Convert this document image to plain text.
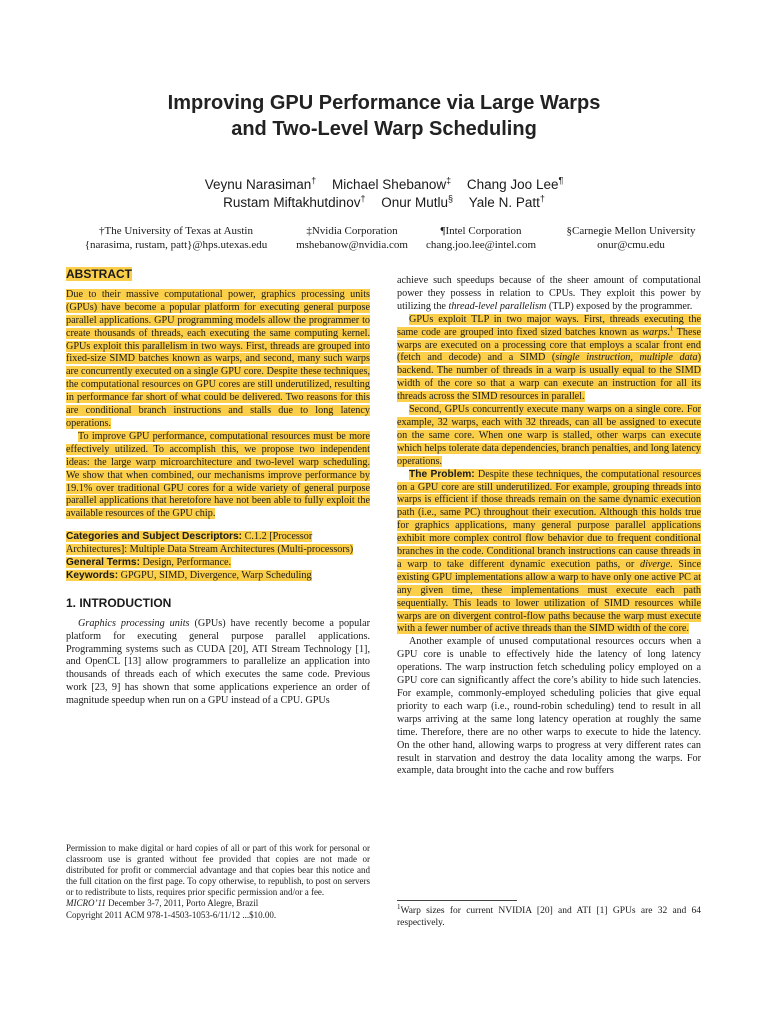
Improving GPU Performance via Large Warps
and Two-Level Warp Scheduling
Veynu Narasiman† Michael Shebanow‡ Chang Joo Lee¶
Rustam Miftakhutdinov† Onur Mutlu§ Yale N. Patt†
†The University of Texas at Austin
{narasima, rustam, patt}@hps.utexas.edu
‡Nvidia Corporation
mshebanow@nvidia.com
¶Intel Corporation
chang.joo.lee@intel.com
§Carnegie Mellon University
onur@cmu.edu
ABSTRACT

Due to their massive computational power, graphics processing units (GPUs) have become a popular platform for executing general purpose parallel applications. GPU programming models allow the programmer to create thousands of threads, each executing the same computing kernel. GPUs exploit this parallelism in two ways. First, threads are grouped into fixed-size SIMD batches known as warps, and second, many such warps are concurrently executed on a single GPU core. Despite these techniques, the computational resources on GPU cores are still underutilized, resulting in performance far short of what could be delivered. Two reasons for this are conditional branch instructions and stalls due to long latency operations.

To improve GPU performance, computational resources must be more effectively utilized. To accomplish this, we propose two independent ideas: the large warp microarchitecture and two-level warp scheduling. We show that when combined, our mechanisms improve performance by 19.1% over traditional GPU cores for a wide variety of general purpose parallel applications that heretofore have not been able to fully exploit the available resources of the GPU chip.

Categories and Subject Descriptors: C.1.2 [Processor Architectures]: Multiple Data Stream Architectures (Multi-processors)

General Terms: Design, Performance.

Keywords: GPGPU, SIMD, Divergence, Warp Scheduling

1. INTRODUCTION

Graphics processing units (GPUs) have recently become a popular platform for executing general purpose parallel applications. Programming systems such as CUDA [20], ATI Stream Technology [1], and OpenCL [13] allow programmers to parallelize an application into thousands of threads each of which executes the same code. Previous work [23, 9] has shown that some applications experience an order of magnitude speedup when run on a GPU instead of a CPU. GPUs

Permission to make digital or hard copies of all or part of this work for personal or classroom use is granted without fee provided that copies are not made or distributed for profit or commercial advantage and that copies bear this notice and the full citation on the first page. To copy otherwise, to republish, to post on servers or to redistribute to lists, requires prior specific permission and/or a fee.

MICRO’11 December 3-7, 2011, Porto Alegre, Brazil

Copyright 2011 ACM 978-1-4503-1053-6/11/12 ...$10.00.

achieve such speedups because of the sheer amount of computational power they possess in relation to CPUs. They exploit this power by utilizing the thread-level parallelism (TLP) exposed by the programmer.

GPUs exploit TLP in two major ways. First, threads executing the same code are grouped into fixed sized batches known as warps.$^1$ These warps are executed on a processing core that employs a scalar front end (fetch and decode) and a SIMD (single instruction, multiple data) backend. The number of threads in a warp is usually equal to the SIMD width of the core so that a warp can execute an instruction for all its threads across the SIMD resources in parallel.

Second, GPUs concurrently execute many warps on a single core. For example, 32 warps, each with 32 threads, can all be assigned to execute on the same core. When one warp is stalled, other warps can execute which helps tolerate data dependencies, branch penalties, and long latency operations.

The Problem: Despite these techniques, the computational resources on a GPU core are still underutilized. For example, grouping threads into warps is efficient if those threads remain on the same dynamic execution path (i.e., same PC) throughout their execution. Although this holds true for graphics applications, many general purpose parallel applications exhibit more complex control flow behavior due to frequent conditional branches in the code. Conditional branch instructions can cause threads in a warp to take different dynamic execution paths, or diverge. Since existing GPU implementations allow a warp to have only one active PC at any given time, these implementations must execute each path sequentially. This leads to lower utilization of SIMD resources while warps are on divergent control-flow paths because the warp must execute with a fewer number of active threads than the SIMD width of the core.

Another example of unused computational resources occurs when a GPU core is unable to effectively hide the latency of long latency operations. The warp instruction fetch scheduling policy employed on a GPU core can significantly affect the core’s ability to hide such latencies. For example, commonly-employed scheduling policies that give equal priority to each warp (i.e., round-robin scheduling) tend to result in all warps arriving at the same long latency operation at roughly the same time. Therefore, there are no other warps to execute to hide the latency. On the other hand, allowing warps to progress at very different rates can result in starvation and destroy the data locality among the warps. For example, data brought into the cache and row buffers

$^1$Warp sizes for current NVIDIA [20] and ATI [1] GPUs are 32 and 64 respectively.
